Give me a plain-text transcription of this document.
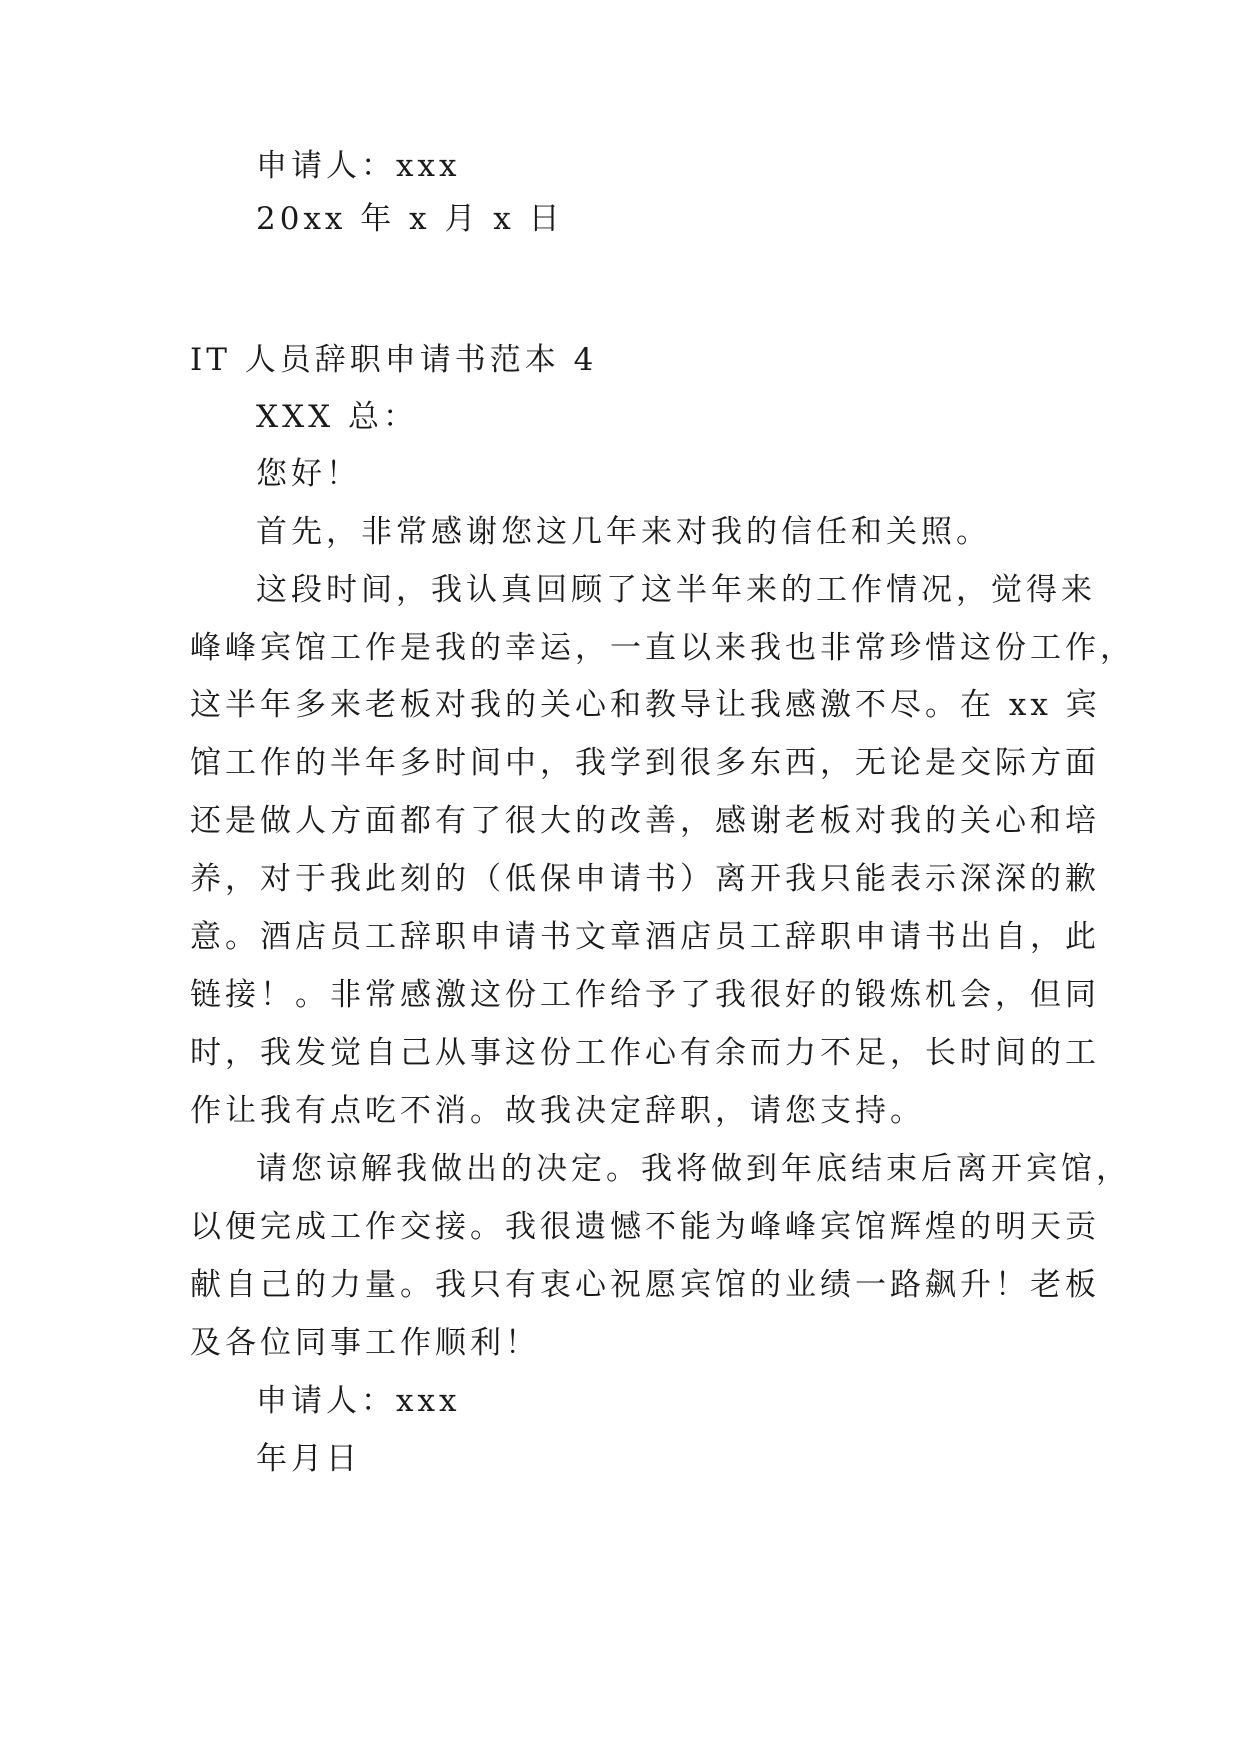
申请人：xxx
20xx 年 x 月 x 日
IT 人员辞职申请书范本 4
XXX 总：
您好！
首先，非常感谢您这几年来对我的信任和关照。
这段时间，我认真回顾了这半年来的工作情况，觉得来
峰峰宾馆工作是我的幸运，一直以来我也非常珍惜这份工作，
这半年多来老板对我的关心和教导让我感激不尽。在 xx 宾
馆工作的半年多时间中，我学到很多东西，无论是交际方面
还是做人方面都有了很大的改善，感谢老板对我的关心和培
养，对于我此刻的（低保申请书）离开我只能表示深深的歉
意。酒店员工辞职申请书文章酒店员工辞职申请书出自，此
链接！。非常感激这份工作给予了我很好的锻炼机会，但同
时，我发觉自己从事这份工作心有余而力不足，长时间的工
作让我有点吃不消。故我决定辞职，请您支持。
请您谅解我做出的决定。我将做到年底结束后离开宾馆，
以便完成工作交接。我很遗憾不能为峰峰宾馆辉煌的明天贡
献自己的力量。我只有衷心祝愿宾馆的业绩一路飙升！老板
及各位同事工作顺利！
申请人：xxx
年月日
